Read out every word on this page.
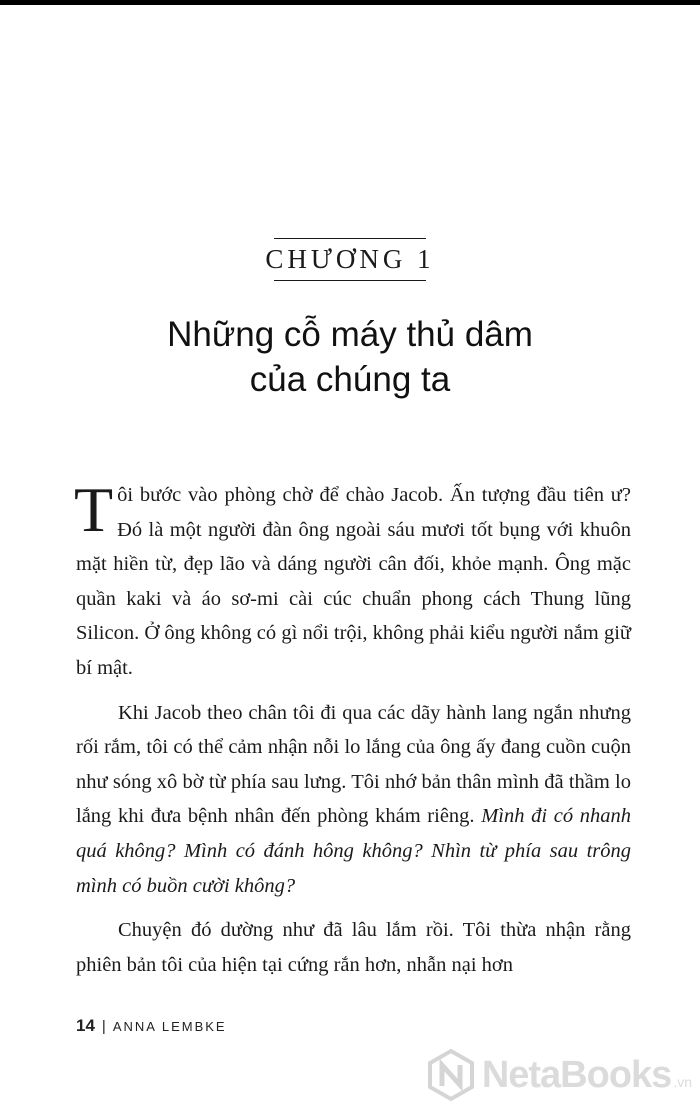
CHƯƠNG 1
Những cỗ máy thủ dâm
của chúng ta

Tôi bước vào phòng chờ để chào Jacob. Ấn tượng đầu tiên ư? Đó là một người đàn ông ngoài sáu mươi tốt bụng với khuôn mặt hiền từ, đẹp lão và dáng người cân đối, khỏe mạnh. Ông mặc quần kaki và áo sơ-mi cài cúc chuẩn phong cách Thung lũng Silicon. Ở ông không có gì nổi trội, không phải kiểu người nắm giữ bí mật.

Khi Jacob theo chân tôi đi qua các dãy hành lang ngắn nhưng rối rắm, tôi có thể cảm nhận nỗi lo lắng của ông ấy đang cuồn cuộn như sóng xô bờ từ phía sau lưng. Tôi nhớ bản thân mình đã thầm lo lắng khi đưa bệnh nhân đến phòng khám riêng. Mình đi có nhanh quá không? Mình có đánh hông không? Nhìn từ phía sau trông mình có buồn cười không?

Chuyện đó dường như đã lâu lắm rồi. Tôi thừa nhận rằng phiên bản tôi của hiện tại cứng rắn hơn, nhẫn nại hơn

14 | ANNA LEMBKE
NetaBooks .vn
